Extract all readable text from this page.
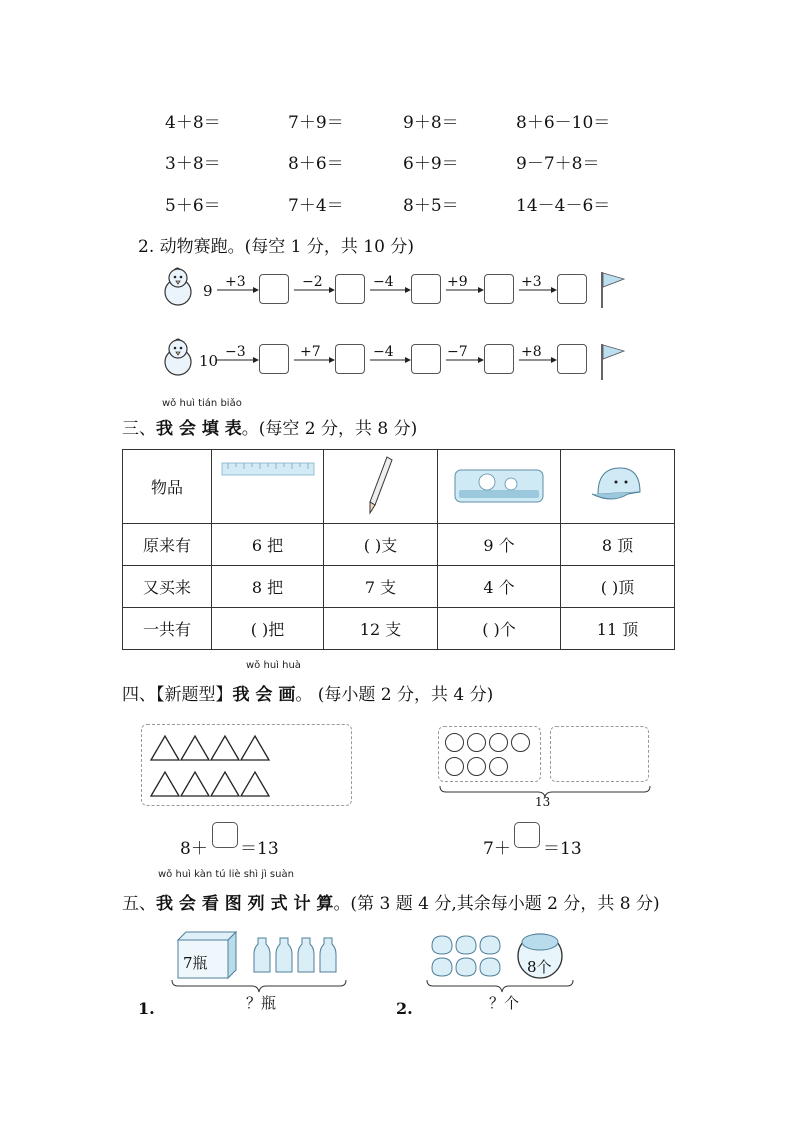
4＋8＝	7＋9＝	9＋8＝	8＋6－10＝
3＋8＝	8＋6＝	6＋9＝	9－7＋8＝
5＋6＝	7＋4＝	8＋5＝	14－4－6＝
2. 动物赛跑。(每空 1 分，共 10 分)
9 +3	−2	−4	+9	+3
10 −3	+7	−4	−7	+8
wǒ huì tián biǎo
三、我 会 填 表。(每空 2 分，共 8 分)
物品				
原来有	6 把	( )支	9 个	8 顶
又买来	8 把	7 支	4 个	( )顶
一共有	( )把	12 支	( )个	11 顶
wǒ huì huà
四、【新题型】我 会 画。 (每小题 2 分，共 4 分)
13
8＋ ＝13	7＋ ＝13
wǒ huì kàn tú liè shì jì suàn
五、我 会 看 图 列 式 计 算。(第 3 题 4 分,其余每小题 2 分，共 8 分)
7瓶
？瓶
1.
8个
？个
2.
